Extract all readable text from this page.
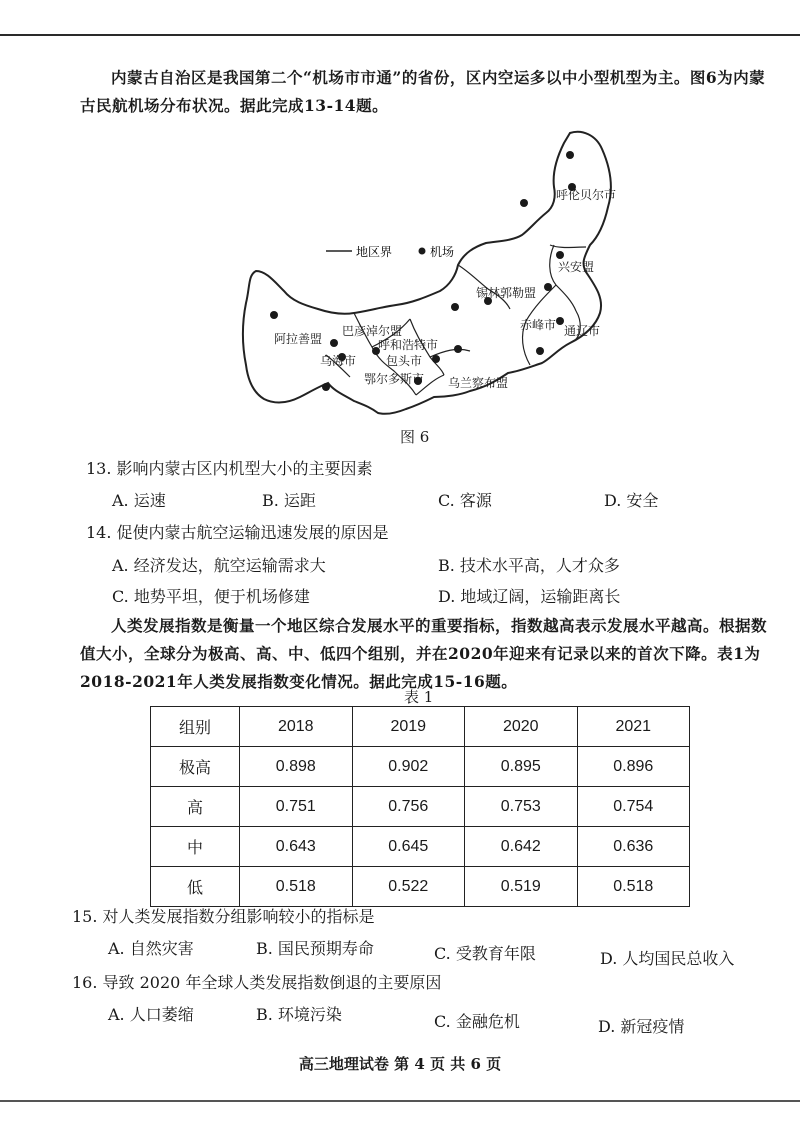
内蒙古自治区是我国第二个“机场市市通”的省份，区内空运多以中小型机型为主。图6为内蒙古民航机场分布状况。据此完成13-14题。
地区界	机场
呼伦贝尔市
兴安盟
锡林郭勒盟
赤峰市 通辽市
阿拉善盟
巴彦淖尔盟
呼和浩特市
包头市
乌海市
鄂尔多斯市 乌兰察布盟
图 6
13. 影响内蒙古区内机型大小的主要因素
A. 运速	B. 运距	C. 客源	D. 安全
14. 促使内蒙古航空运输迅速发展的原因是
A. 经济发达，航空运输需求大	B. 技术水平高，人才众多
C. 地势平坦，便于机场修建	D. 地域辽阔，运输距离长
人类发展指数是衡量一个地区综合发展水平的重要指标，指数越高表示发展水平越高。根据数值大小，全球分为极高、高、中、低四个组别，并在2020年迎来有记录以来的首次下降。表1为2018-2021年人类发展指数变化情况。据此完成15-16题。
表 1
组别	2018	2019	2020	2021
极高	0.898	0.902	0.895	0.896
高	0.751	0.756	0.753	0.754
中	0.643	0.645	0.642	0.636
低	0.518	0.522	0.519	0.518
15. 对人类发展指数分组影响较小的指标是
A. 自然灾害	B. 国民预期寿命	C. 受教育年限	D. 人均国民总收入
16. 导致 2020 年全球人类发展指数倒退的主要原因
A. 人口萎缩	B. 环境污染	C. 金融危机	D. 新冠疫情
高三地理试卷 第 4 页 共 6 页
